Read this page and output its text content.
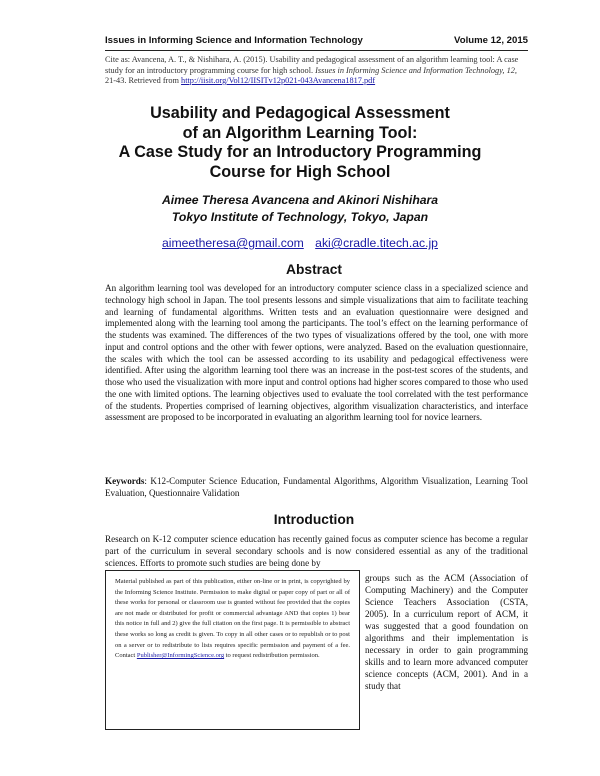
Issues in Informing Science and Information Technology	Volume 12, 2015
Cite as: Avancena, A. T., & Nishihara, A. (2015). Usability and pedagogical assessment of an algorithm learning tool: A case study for an introductory programming course for high school. Issues in Informing Science and Information Technology, 12, 21-43. Retrieved from http://iisit.org/Vol12/IISITv12p021-043Avancena1817.pdf
Usability and Pedagogical Assessment
of an Algorithm Learning Tool:
A Case Study for an Introductory Programming
Course for High School
Aimee Theresa Avancena and Akinori Nishihara
Tokyo Institute of Technology, Tokyo, Japan
aimeetheresa@gmail.com aki@cradle.titech.ac.jp
Abstract

An algorithm learning tool was developed for an introductory computer science class in a specialized science and technology high school in Japan. The tool presents lessons and simple visualizations that aim to facilitate teaching and learning of fundamental algorithms. Written tests and an evaluation questionnaire were designed and implemented along with the learning tool among the participants. The tool’s effect on the learning performance of the students was examined. The differences of the two types of visualizations offered by the tool, one with more input and control options and the other with fewer options, were analyzed. Based on the evaluation questionnaire, the scales with which the tool can be assessed according to its usability and pedagogical effectiveness were identified. After using the algorithm learning tool there was an increase in the post-test scores of the students, and those who used the visualization with more input and control options had higher scores compared to those who used the one with limited options. The learning objectives used to evaluate the tool correlated with the test performance of the students. Properties comprised of learning objectives, algorithm visualization characteristics, and interface assessment are proposed to be incorporated in evaluating an algorithm learning tool for novice learners.

Keywords: K12-Computer Science Education, Fundamental Algorithms, Algorithm Visualization, Learning Tool Evaluation, Questionnaire Validation

Introduction

Research on K-12 computer science education has recently gained focus as computer science has become a regular part of the curriculum in several secondary schools and is now considered essential as any of the traditional sciences. Efforts to promote such studies are being done by

Material published as part of this publication, either on-line or in print, is copyrighted by the Informing Science Institute. Permission to make digital or paper copy of part or all of these works for personal or classroom use is granted without fee provided that the copies are not made or distributed for profit or commercial advantage AND that copies 1) bear this notice in full and 2) give the full citation on the first page. It is permissible to abstract these works so long as credit is given. To copy in all other cases or to republish or to post on a server or to redistribute to lists requires specific permission and payment of a fee. Contact Publisher@InformingScience.org to request redistribution permission.

groups such as the ACM (Association of Computing Machinery) and the Computer Science Teachers Association (CSTA, 2005). In a curriculum report of ACM, it was suggested that a good foundation on algorithms and their implementation is necessary in order to gain programming skills and to learn more advanced computer science concepts (ACM, 2001). And in a study that
